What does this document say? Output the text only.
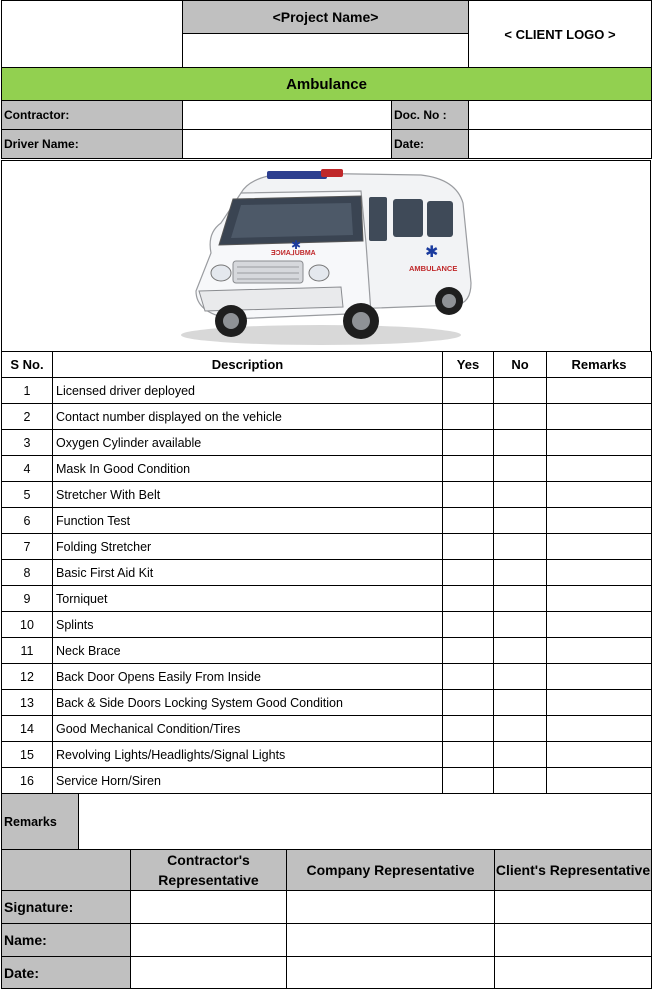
	<Project Name>	< CLIENT LOGO >

Ambulance
Contractor:		Doc. No :	
Driver Name:		Date:	
ƎƆИA⅃UBMA
✱	✱
AMBULANCE
S No.	Description	Yes	No	Remarks
1	Licensed driver deployed			
2	Contact number displayed on the vehicle			
3	Oxygen Cylinder available			
4	Mask In Good Condition			
5	Stretcher With Belt			
6	Function Test			
7	Folding Stretcher			
8	Basic First Aid Kit			
9	Torniquet			
10	Splints			
11	Neck Brace			
12	Back Door Opens Easily From Inside			
13	Back & Side Doors Locking System Good Condition			
14	Good Mechanical Condition/Tires			
15	Revolving Lights/Headlights/Signal Lights			
16	Service Horn/Siren			
Remarks	
	Contractor's Representative	Company Representative	Client's Representative
Signature:			
Name:			
Date:			
